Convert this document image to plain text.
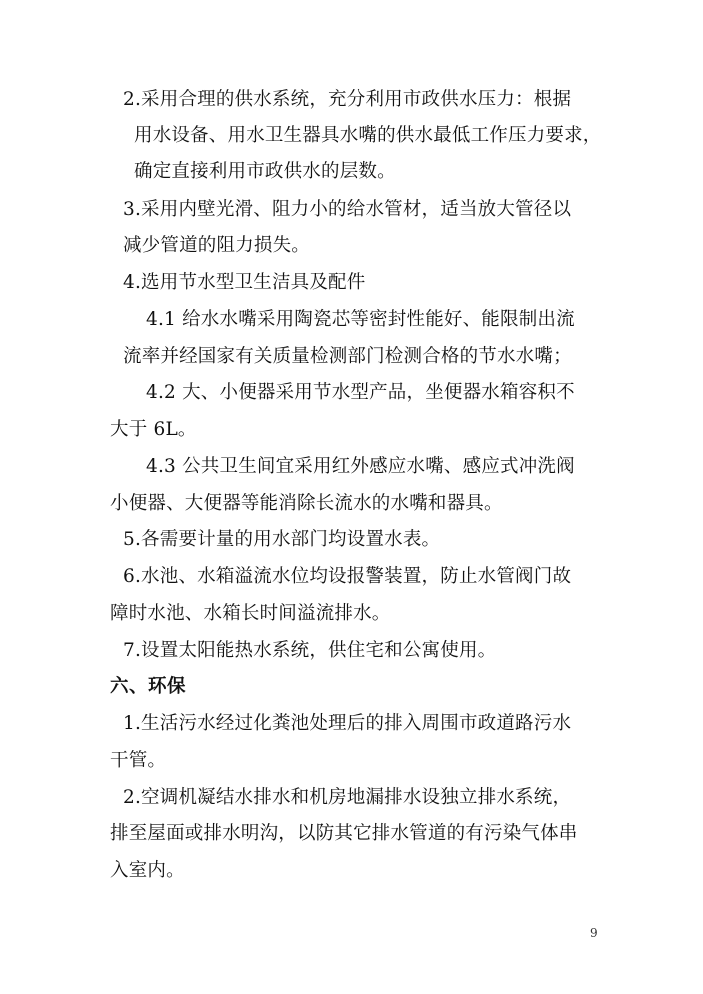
2.采用合理的供水系统，充分利用市政供水压力：根据
用水设备、用水卫生器具水嘴的供水最低工作压力要求，
确定直接利用市政供水的层数。
3.采用内壁光滑、阻力小的给水管材，适当放大管径以
减少管道的阻力损失。
4.选用节水型卫生洁具及配件
4.1 给水水嘴采用陶瓷芯等密封性能好、能限制出流
流率并经国家有关质量检测部门检测合格的节水水嘴；
4.2 大、小便器采用节水型产品，坐便器水箱容积不
大于 6L。
4.3 公共卫生间宜采用红外感应水嘴、感应式冲洗阀
小便器、大便器等能消除长流水的水嘴和器具。
5.各需要计量的用水部门均设置水表。
6.水池、水箱溢流水位均设报警装置，防止水管阀门故
障时水池、水箱长时间溢流排水。
7.设置太阳能热水系统，供住宅和公寓使用。
六、环保
1.生活污水经过化粪池处理后的排入周围市政道路污水
干管。
2.空调机凝结水排水和机房地漏排水设独立排水系统，
排至屋面或排水明沟，以防其它排水管道的有污染气体串
入室内。
9
